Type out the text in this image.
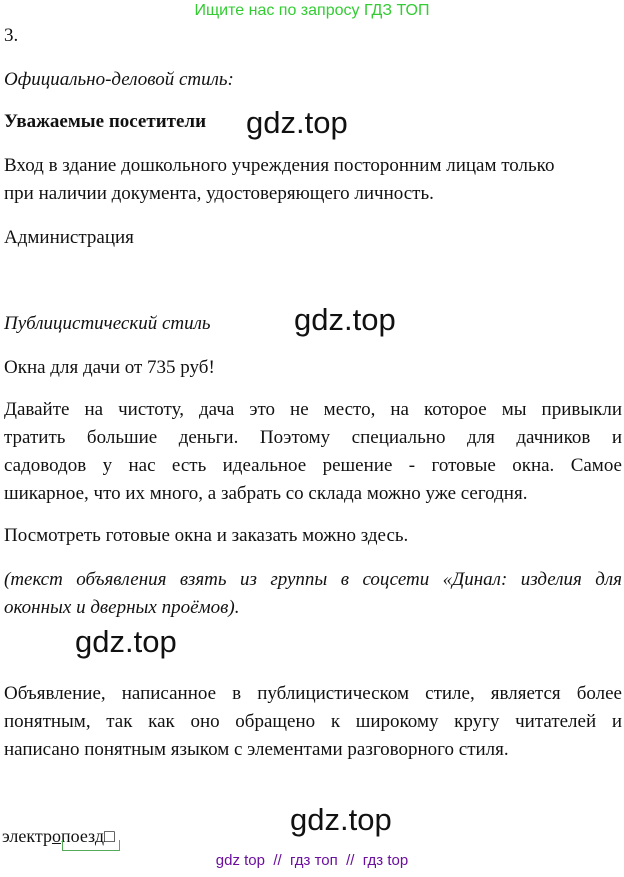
Ищите нас по запросу ГДЗ ТОП
3.
Официально-деловой стиль:
Уважаемые посетители gdz.top
Вход в здание дошкольного учреждения посторонним лицам только
при наличии документа, удостоверяющего личность.
Администрация
Публицистический стиль	gdz.top
Окна для дачи от 735 руб!
Давайте на чистоту, дача это не место, на которое мы привыкли
тратить большие деньги. Поэтому специально для дачников и
садоводов у нас есть идеальное решение - готовые окна. Самое
шикарное, что их много, а забрать со склада можно уже сегодня.
Посмотреть готовые окна и заказать можно здесь.
(текст объявления взять из группы в соцсети «Динал: изделия для
оконных и дверных проёмов).
gdz.top
Объявление, написанное в публицистическом стиле, является более
понятным, так как оно обращено к широкому кругу читателей и
написано понятным языком с элементами разговорного стиля.
gdz.top
электропоезд□
gdz top  //  гдз топ  //  гдз top
